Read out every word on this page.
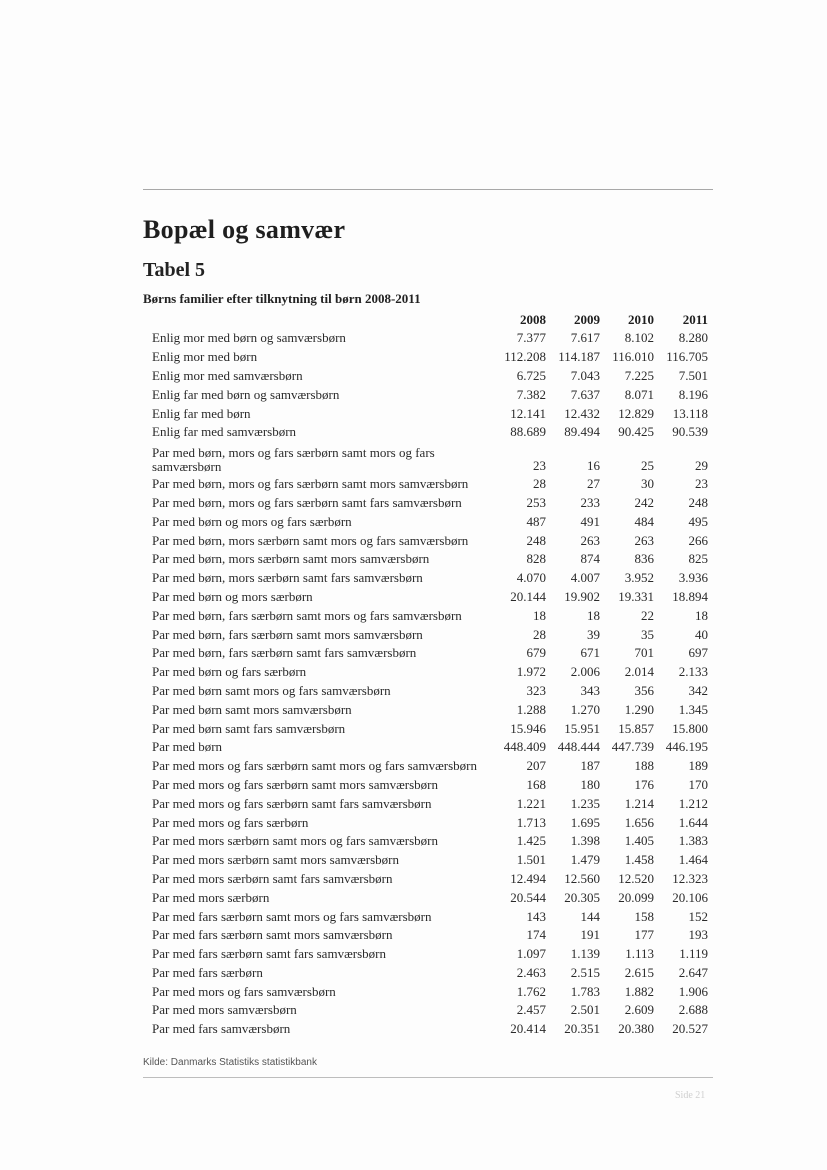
Bopæl og samvær
Tabel 5
Børns familier efter tilknytning til børn 2008-2011
	2008	2009	2010	2011
Enlig mor med børn og samværsbørn	7.377	7.617	8.102	8.280
Enlig mor med børn	112.208	114.187	116.010	116.705
Enlig mor med samværsbørn	6.725	7.043	7.225	7.501
Enlig far med børn og samværsbørn	7.382	7.637	8.071	8.196
Enlig far med børn	12.141	12.432	12.829	13.118
Enlig far med samværsbørn	88.689	89.494	90.425	90.539
Par med børn, mors og fars særbørn samt mors og fars samværsbørn	23	16	25	29
Par med børn, mors og fars særbørn samt mors samværsbørn	28	27	30	23
Par med børn, mors og fars særbørn samt fars samværsbørn	253	233	242	248
Par med børn og mors og fars særbørn	487	491	484	495
Par med børn, mors særbørn samt mors og fars samværsbørn	248	263	263	266
Par med børn, mors særbørn samt mors samværsbørn	828	874	836	825
Par med børn, mors særbørn samt fars samværsbørn	4.070	4.007	3.952	3.936
Par med børn og mors særbørn	20.144	19.902	19.331	18.894
Par med børn, fars særbørn samt mors og fars samværsbørn	18	18	22	18
Par med børn, fars særbørn samt mors samværsbørn	28	39	35	40
Par med børn, fars særbørn samt fars samværsbørn	679	671	701	697
Par med børn og fars særbørn	1.972	2.006	2.014	2.133
Par med børn samt mors og fars samværsbørn	323	343	356	342
Par med børn samt mors samværsbørn	1.288	1.270	1.290	1.345
Par med børn samt fars samværsbørn	15.946	15.951	15.857	15.800
Par med børn	448.409	448.444	447.739	446.195
Par med mors og fars særbørn samt mors og fars samværsbørn	207	187	188	189
Par med mors og fars særbørn samt mors samværsbørn	168	180	176	170
Par med mors og fars særbørn samt fars samværsbørn	1.221	1.235	1.214	1.212
Par med mors og fars særbørn	1.713	1.695	1.656	1.644
Par med mors særbørn samt mors og fars samværsbørn	1.425	1.398	1.405	1.383
Par med mors særbørn samt mors samværsbørn	1.501	1.479	1.458	1.464
Par med mors særbørn samt fars samværsbørn	12.494	12.560	12.520	12.323
Par med mors særbørn	20.544	20.305	20.099	20.106
Par med fars særbørn samt mors og fars samværsbørn	143	144	158	152
Par med fars særbørn samt mors samværsbørn	174	191	177	193
Par med fars særbørn samt fars samværsbørn	1.097	1.139	1.113	1.119
Par med fars særbørn	2.463	2.515	2.615	2.647
Par med mors og fars samværsbørn	1.762	1.783	1.882	1.906
Par med mors samværsbørn	2.457	2.501	2.609	2.688
Par med fars samværsbørn	20.414	20.351	20.380	20.527
Kilde: Danmarks Statistiks statistikbank
Side 21
